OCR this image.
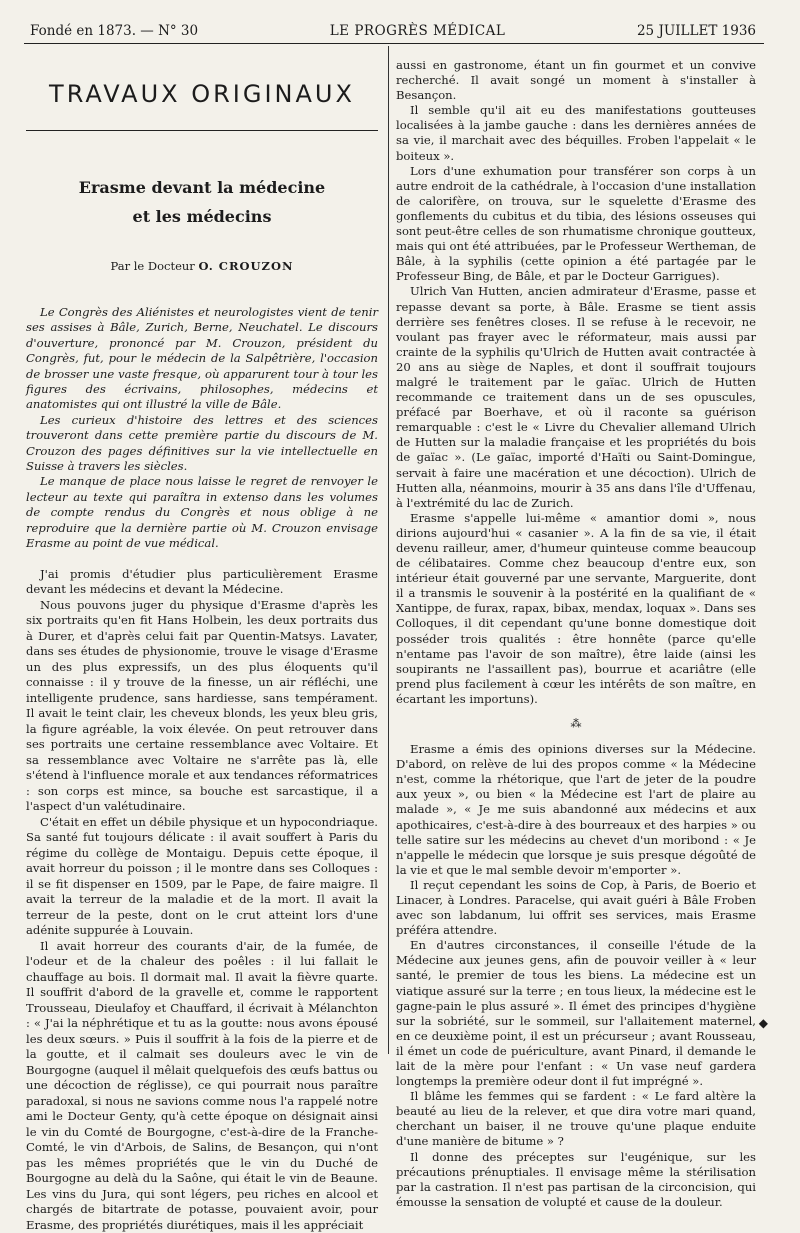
Fondé en 1873. — N° 30	LE PROGRÈS MÉDICAL	25 JUILLET 1936
TRAVAUX ORIGINAUX
Erasme devant la médecine
et les médecins
Par le Docteur O. CROUZON

Le Congrès des Aliénistes et neurologistes vient de tenir ses assises à Bâle, Zurich, Berne, Neuchatel. Le discours d'ouverture, prononcé par M. Crouzon, président du Congrès, fut, pour le médecin de la Salpêtrière, l'occasion de brosser une vaste fresque, où apparurent tour à tour les figures des écrivains, philosophes, médecins et anatomistes qui ont illustré la ville de Bâle.

Les curieux d'histoire des lettres et des sciences trouveront dans cette première partie du discours de M. Crouzon des pages définitives sur la vie intellectuelle en Suisse à travers les siècles.

Le manque de place nous laisse le regret de renvoyer le lecteur au texte qui paraîtra in extenso dans les volumes de compte rendus du Congrès et nous oblige à ne reproduire que la dernière partie où M. Crouzon envisage Erasme au point de vue médical.

J'ai promis d'étudier plus particulièrement Erasme devant les médecins et devant la Médecine.

Nous pouvons juger du physique d'Erasme d'après les six portraits qu'en fit Hans Holbein, les deux portraits dus à Durer, et d'après celui fait par Quentin-Matsys. Lavater, dans ses études de physionomie, trouve le visage d'Erasme un des plus expressifs, un des plus éloquents qu'il connaisse : il y trouve de la finesse, un air réfléchi, une intelligente prudence, sans hardiesse, sans tempérament. Il avait le teint clair, les cheveux blonds, les yeux bleu gris, la figure agréable, la voix élevée. On peut retrouver dans ses portraits une certaine ressemblance avec Voltaire. Et sa ressemblance avec Voltaire ne s'arrête pas là, elle s'étend à l'influence morale et aux tendances réformatrices : son corps est mince, sa bouche est sarcastique, il a l'aspect d'un valétudinaire.

C'était en effet un débile physique et un hypocondriaque. Sa santé fut toujours délicate : il avait souffert à Paris du régime du collège de Montaigu. Depuis cette époque, il avait horreur du poisson ; il le montre dans ses Colloques : il se fit dispenser en 1509, par le Pape, de faire maigre. Il avait la terreur de la maladie et de la mort. Il avait la terreur de la peste, dont on le crut atteint lors d'une adénite suppurée à Louvain.

Il avait horreur des courants d'air, de la fumée, de l'odeur et de la chaleur des poêles : il lui fallait le chauffage au bois. Il dormait mal. Il avait la fièvre quarte. Il souffrit d'abord de la gravelle et, comme le rapportent Trousseau, Dieulafoy et Chauffard, il écrivait à Mélanchton : « J'ai la néphrétique et tu as la goutte: nous avons épousé les deux sœurs. » Puis il souffrit à la fois de la pierre et de la goutte, et il calmait ses douleurs avec le vin de Bourgogne (auquel il mêlait quelquefois des œufs battus ou une décoction de réglisse), ce qui pourrait nous paraître paradoxal, si nous ne savions comme nous l'a rappelé notre ami le Docteur Genty, qu'à cette époque on désignait ainsi le vin du Comté de Bourgogne, c'est-à-dire de la Franche-Comté, le vin d'Arbois, de Salins, de Besançon, qui n'ont pas les mêmes propriétés que le vin du Duché de Bourgogne au delà du la Saône, qui était le vin de Beaune. Les vins du Jura, qui sont légers, peu riches en alcool et chargés de bitartrate de potasse, pouvaient avoir, pour Erasme, des propriétés diurétiques, mais il les appréciait

aussi en gastronome, étant un fin gourmet et un convive recherché. Il avait songé un moment à s'installer à Besançon.

Il semble qu'il ait eu des manifestations goutteuses localisées à la jambe gauche : dans les dernières années de sa vie, il marchait avec des béquilles. Froben l'appelait « le boiteux ».

Lors d'une exhumation pour transférer son corps à un autre endroit de la cathédrale, à l'occasion d'une installation de calorifère, on trouva, sur le squelette d'Erasme des gonflements du cubitus et du tibia, des lésions osseuses qui sont peut-être celles de son rhumatisme chronique goutteux, mais qui ont été attribuées, par le Professeur Wertheman, de Bâle, à la syphilis (cette opinion a été partagée par le Professeur Bing, de Bâle, et par le Docteur Garrigues).

Ulrich Van Hutten, ancien admirateur d'Erasme, passe et repasse devant sa porte, à Bâle. Erasme se tient assis derrière ses fenêtres closes. Il se refuse à le recevoir, ne voulant pas frayer avec le réformateur, mais aussi par crainte de la syphilis qu'Ulrich de Hutten avait contractée à 20 ans au siège de Naples, et dont il souffrait toujours malgré le traitement par le gaïac. Ulrich de Hutten recommande ce traitement dans un de ses opuscules, préfacé par Boerhave, et où il raconte sa guérison remarquable : c'est le « Livre du Chevalier allemand Ulrich de Hutten sur la maladie française et les propriétés du bois de gaïac ». (Le gaïac, importé d'Haïti ou Saint-Domingue, servait à faire une macération et une décoction). Ulrich de Hutten alla, néanmoins, mourir à 35 ans dans l'île d'Uffenau, à l'extrémité du lac de Zurich.

Erasme s'appelle lui-même « amantior domi », nous dirions aujourd'hui « casanier ». A la fin de sa vie, il était devenu railleur, amer, d'humeur quinteuse comme beaucoup de célibataires. Comme chez beaucoup d'entre eux, son intérieur était gouverné par une servante, Marguerite, dont il a transmis le souvenir à la postérité en la qualifiant de « Xantippe, de furax, rapax, bibax, mendax, loquax ». Dans ses Colloques, il dit cependant qu'une bonne domestique doit posséder trois qualités : être honnête (parce qu'elle n'entame pas l'avoir de son maître), être laide (ainsi les soupirants ne l'assaillent pas), bourrue et acariâtre (elle prend plus facilement à cœur les intérêts de son maître, en écartant les importuns).

⁂

Erasme a émis des opinions diverses sur la Médecine. D'abord, on relève de lui des propos comme « la Médecine n'est, comme la rhétorique, que l'art de jeter de la poudre aux yeux », ou bien « la Médecine est l'art de plaire au malade », « Je me suis abandonné aux médecins et aux apothicaires, c'est-à-dire à des bourreaux et des harpies » ou telle satire sur les médecins au chevet d'un moribond : « Je n'appelle le médecin que lorsque je suis presque dégoûté de la vie et que le mal semble devoir m'emporter ».

Il reçut cependant les soins de Cop, à Paris, de Boerio et Linacer, à Londres. Paracelse, qui avait guéri à Bâle Froben avec son labdanum, lui offrit ses services, mais Erasme préféra attendre.

En d'autres circonstances, il conseille l'étude de la Médecine aux jeunes gens, afin de pouvoir veiller à « leur santé, le premier de tous les biens. La médecine est un viatique assuré sur la terre ; en tous lieux, la médecine est le gagne-pain le plus assuré ». Il émet des principes d'hygiène sur la sobriété, sur le sommeil, sur l'allaitement maternel, en ce deuxième point, il est un précurseur ; avant Rousseau, il émet un code de puériculture, avant Pinard, il demande le lait de la mère pour l'enfant : « Un vase neuf gardera longtemps la première odeur dont il fut imprégné ».

Il blâme les femmes qui se fardent : « Le fard altère la beauté au lieu de la relever, et que dira votre mari quand, cherchant un baiser, il ne trouve qu'une plaque enduite d'une manière de bitume » ?

Il donne des préceptes sur l'eugénique, sur les précautions prénuptiales. Il envisage même la stérilisation par la castration. Il n'est pas partisan de la circoncision, qui émousse la sensation de volupté et cause de la douleur.

◆
